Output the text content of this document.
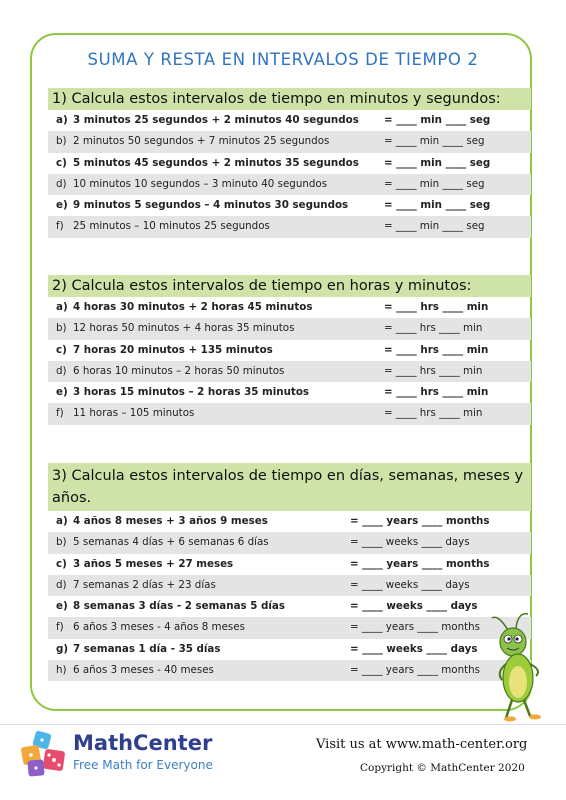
SUMA Y RESTA EN INTERVALOS DE TIEMPO 2
1) Calcula estos intervalos de tiempo en minutos y segundos:
a) 3 minutos 25 segundos + 2 minutos 40 segundos = ____ min ____ seg
b) 2 minutos 50 segundos + 7 minutos 25 segundos	= ____ min ____ seg
c) 5 minutos 45 segundos + 2 minutos 35 segundos = ____ min ____ seg
d) 10 minutos 10 segundos – 3 minuto 40 segundos	= ____ min ____ seg
e) 9 minutos 5 segundos – 4 minutos 30 segundos	= ____ min ____ seg
f) 25 minutos – 10 minutos 25 segundos	= ____ min ____ seg
2) Calcula estos intervalos de tiempo en horas y minutos:
a) 4 horas 30 minutos + 2 horas 45 minutos	= ____ hrs ____ min
b) 12 horas 50 minutos + 4 horas 35 minutos	= ____ hrs ____ min
c) 7 horas 20 minutos + 135 minutos	= ____ hrs ____ min
d) 6 horas 10 minutos – 2 horas 50 minutos	= ____ hrs ____ min
e) 3 horas 15 minutos – 2 horas 35 minutos	= ____ hrs ____ min
f) 11 horas – 105 minutos	= ____ hrs ____ min
3) Calcula estos intervalos de tiempo en días, semanas, meses y
años.
a) 4 años 8 meses + 3 años 9 meses	= ____ years ____ months
b) 5 semanas 4 días + 6 semanas 6 días	= ____ weeks ____ days
c) 3 años 5 meses + 27 meses	= ____ years ____ months
d) 7 semanas 2 días + 23 días	= ____ weeks ____ days
e) 8 semanas 3 días - 2 semanas 5 días	= ____ weeks ____ days
f) 6 años 3 meses - 4 años 8 meses	= ____ years ____ months
g) 7 semanas 1 día - 35 días	= ____ weeks ____ days
h) 6 años 3 meses - 40 meses	= ____ years ____ months
MathCenter
Free Math for Everyone
Visit us at www.math-center.org
Copyright © MathCenter 2020
